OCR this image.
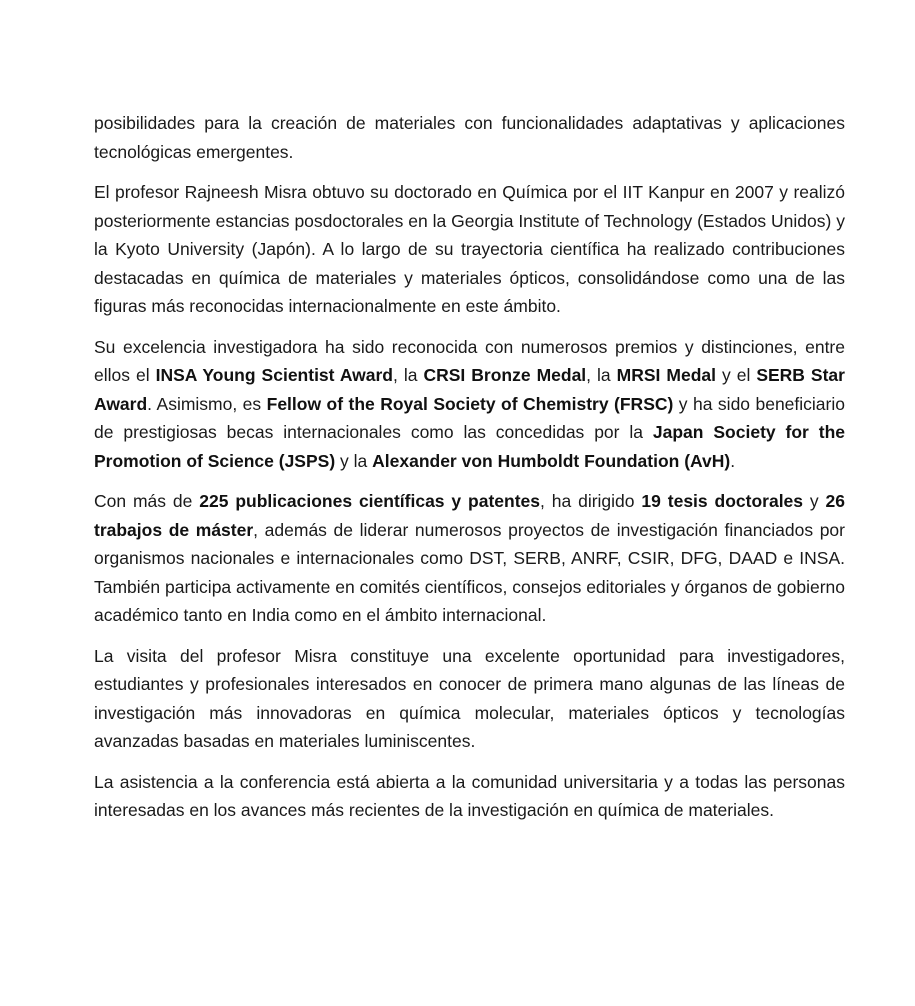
posibilidades para la creación de materiales con funcionalidades adaptativas y aplicaciones tecnológicas emergentes.

El profesor Rajneesh Misra obtuvo su doctorado en Química por el IIT Kanpur en 2007 y realizó posteriormente estancias posdoctorales en la Georgia Institute of Technology (Estados Unidos) y la Kyoto University (Japón). A lo largo de su trayectoria científica ha realizado contribuciones destacadas en química de materiales y materiales ópticos, consolidándose como una de las figuras más reconocidas internacionalmente en este ámbito.

Su excelencia investigadora ha sido reconocida con numerosos premios y distinciones, entre ellos el INSA Young Scientist Award, la CRSI Bronze Medal, la MRSI Medal y el SERB Star Award. Asimismo, es Fellow of the Royal Society of Chemistry (FRSC) y ha sido beneficiario de prestigiosas becas internacionales como las concedidas por la Japan Society for the Promotion of Science (JSPS) y la Alexander von Humboldt Foundation (AvH).

Con más de 225 publicaciones científicas y patentes, ha dirigido 19 tesis doctorales y 26 trabajos de máster, además de liderar numerosos proyectos de investigación financiados por organismos nacionales e internacionales como DST, SERB, ANRF, CSIR, DFG, DAAD e INSA. También participa activamente en comités científicos, consejos editoriales y órganos de gobierno académico tanto en India como en el ámbito internacional.

La visita del profesor Misra constituye una excelente oportunidad para investigadores, estudiantes y profesionales interesados en conocer de primera mano algunas de las líneas de investigación más innovadoras en química molecular, materiales ópticos y tecnologías avanzadas basadas en materiales luminiscentes.

La asistencia a la conferencia está abierta a la comunidad universitaria y a todas las personas interesadas en los avances más recientes de la investigación en química de materiales.
